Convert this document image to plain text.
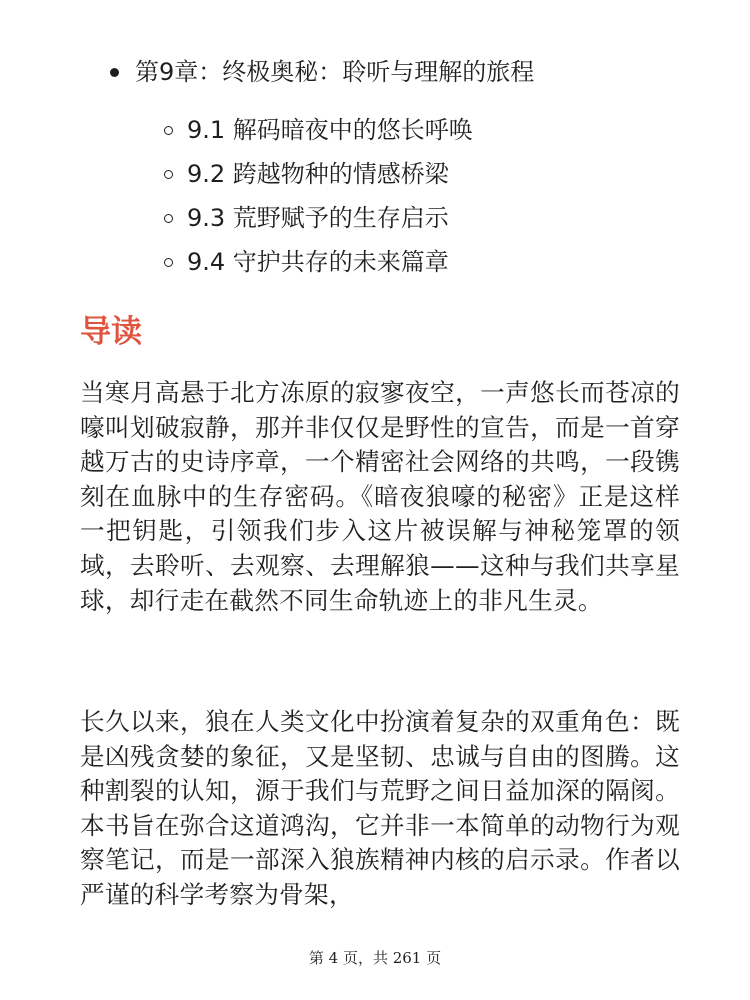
第9章：终极奥秘：聆听与理解的旅程
9.1 解码暗夜中的悠长呼唤
9.2 跨越物种的情感桥梁
9.3 荒野赋予的生存启示
9.4 守护共存的未来篇章
导读

当寒月高悬于北方冻原的寂寥夜空，一声悠长而苍凉的嚎叫划破寂静，那并非仅仅是野性的宣告，而是一首穿越万古的史诗序章，一个精密社会网络的共鸣，一段镌刻在血脉中的生存密码。《暗夜狼嚎的秘密》正是这样一把钥匙，引领我们步入这片被误解与神秘笼罩的领域，去聆听、去观察、去理解狼——这种与我们共享星球，却行走在截然不同生命轨迹上的非凡生灵。

长久以来，狼在人类文化中扮演着复杂的双重角色：既是凶残贪婪的象征，又是坚韧、忠诚与自由的图腾。这种割裂的认知，源于我们与荒野之间日益加深的隔阂。本书旨在弥合这道鸿沟，它并非一本简单的动物行为观察笔记，而是一部深入狼族精神内核的启示录。作者以严谨的科学考察为骨架，

第 4 页，共 261 页
